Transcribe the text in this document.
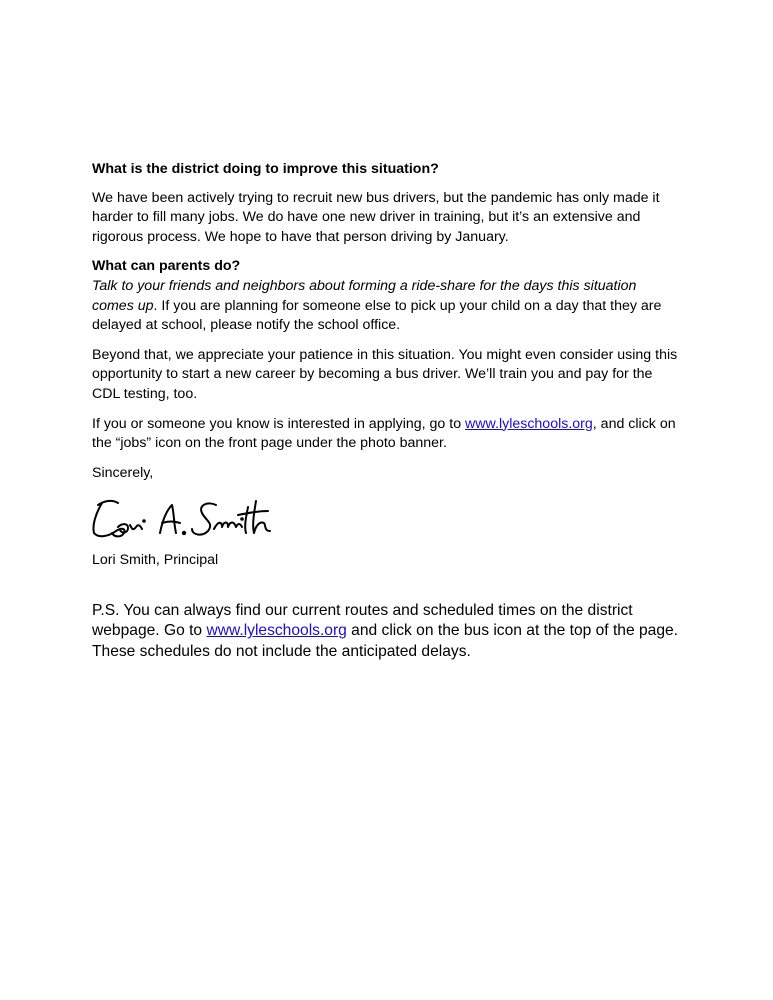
What is the district doing to improve this situation?

We have been actively trying to recruit new bus drivers, but the pandemic has only made it harder to fill many jobs. We do have one new driver in training, but it’s an extensive and rigorous process. We hope to have that person driving by January.

What can parents do?

Talk to your friends and neighbors about forming a ride-share for the days this situation comes up. If you are planning for someone else to pick up your child on a day that they are delayed at school, please notify the school office.

Beyond that, we appreciate your patience in this situation. You might even consider using this opportunity to start a new career by becoming a bus driver. We’ll train you and pay for the CDL testing, too.

If you or someone you know is interested in applying, go to www.lyleschools.org, and click on the “jobs” icon on the front page under the photo banner.

Sincerely,

Lori Smith, Principal

P.S. You can always find our current routes and scheduled times on the district webpage. Go to www.lyleschools.org and click on the bus icon at the top of the page. These schedules do not include the anticipated delays.
